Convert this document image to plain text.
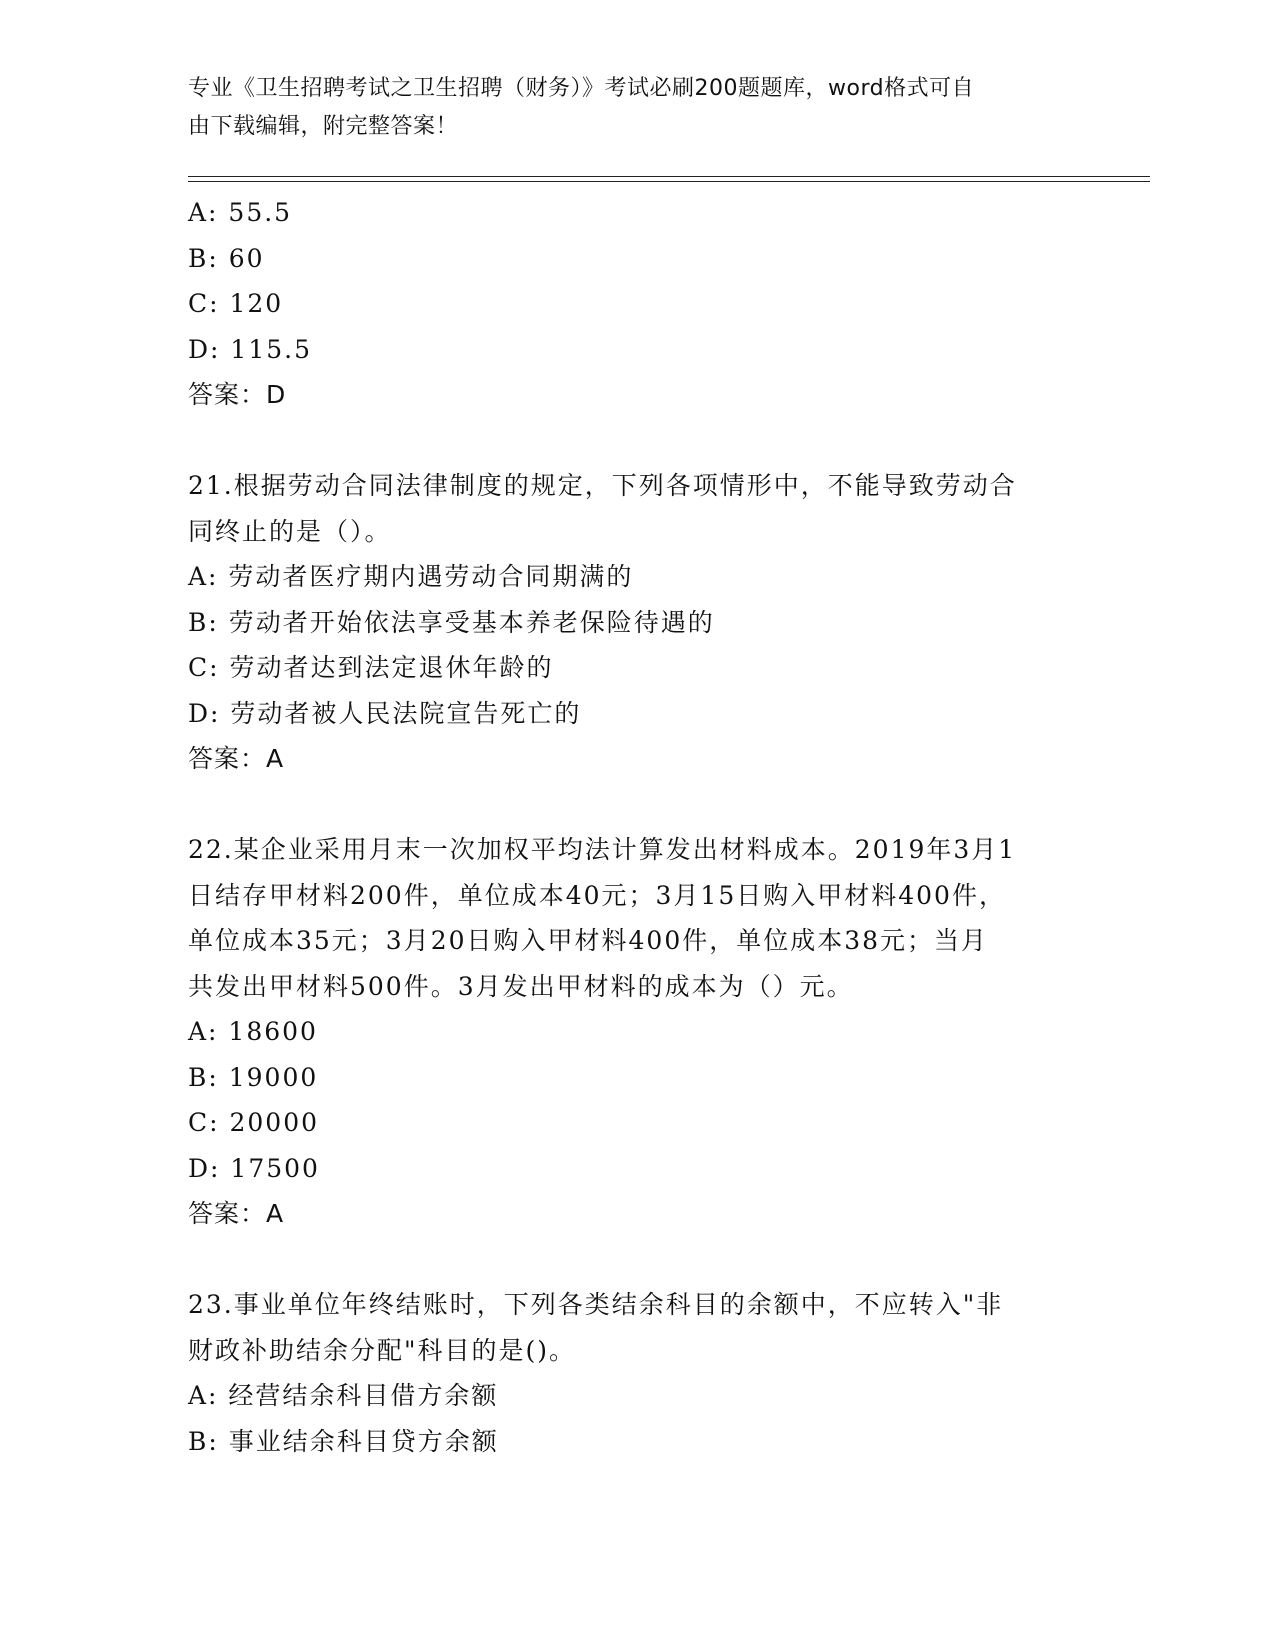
专业《卫生招聘考试之卫生招聘（财务）》考试必刷200题题库，word格式可自
由下载编辑，附完整答案！
A: 55.5
B: 60
C: 120
D: 115.5
答案：D
21.根据劳动合同法律制度的规定，下列各项情形中，不能导致劳动合
同终止的是（）。
A: 劳动者医疗期内遇劳动合同期满的
B: 劳动者开始依法享受基本养老保险待遇的
C: 劳动者达到法定退休年龄的
D: 劳动者被人民法院宣告死亡的
答案：A
22.某企业采用月末一次加权平均法计算发出材料成本。2019年3月1
日结存甲材料200件，单位成本40元；3月15日购入甲材料400件，
单位成本35元；3月20日购入甲材料400件，单位成本38元；当月
共发出甲材料500件。3月发出甲材料的成本为（）元。
A: 18600
B: 19000
C: 20000
D: 17500
答案：A
23.事业单位年终结账时，下列各类结余科目的余额中，不应转入"非
财政补助结余分配"科目的是()。
A: 经营结余科目借方余额
B: 事业结余科目贷方余额
